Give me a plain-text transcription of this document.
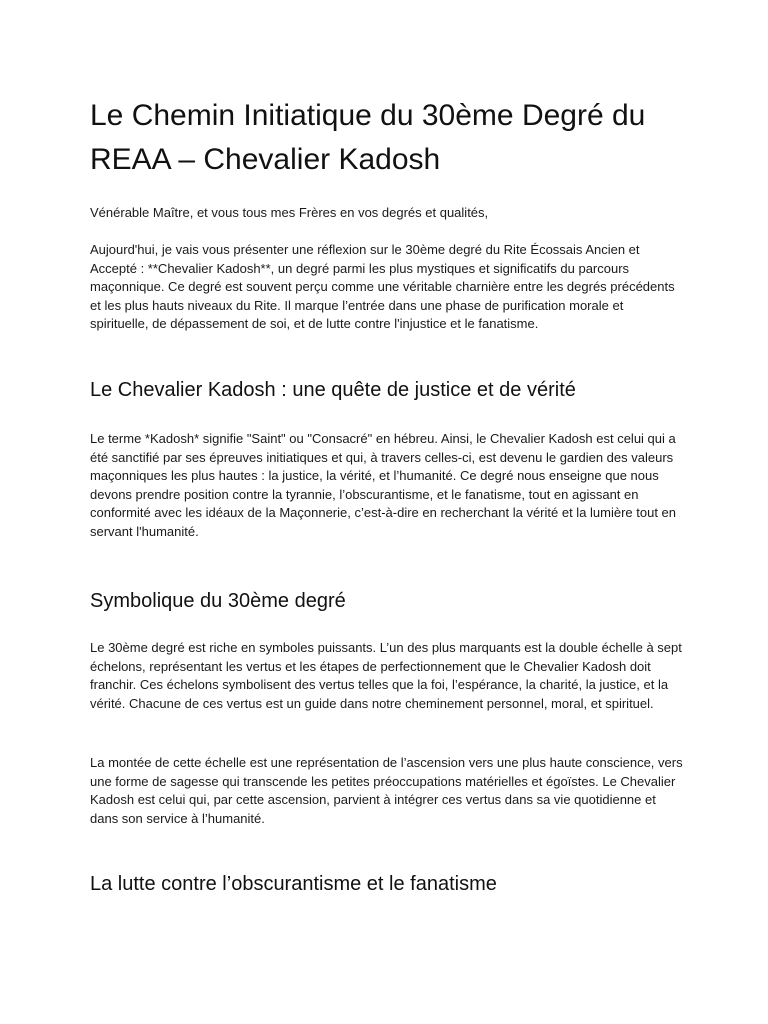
Le Chemin Initiatique du 30ème Degré du REAA – Chevalier Kadosh

Vénérable Maître, et vous tous mes Frères en vos degrés et qualités,

Aujourd'hui, je vais vous présenter une réflexion sur le 30ème degré du Rite Écossais Ancien et Accepté : **Chevalier Kadosh**, un degré parmi les plus mystiques et significatifs du parcours maçonnique. Ce degré est souvent perçu comme une véritable charnière entre les degrés précédents et les plus hauts niveaux du Rite. Il marque l’entrée dans une phase de purification morale et spirituelle, de dépassement de soi, et de lutte contre l'injustice et le fanatisme.

Le Chevalier Kadosh : une quête de justice et de vérité

Le terme *Kadosh* signifie "Saint" ou "Consacré" en hébreu. Ainsi, le Chevalier Kadosh est celui qui a été sanctifié par ses épreuves initiatiques et qui, à travers celles-ci, est devenu le gardien des valeurs maçonniques les plus hautes : la justice, la vérité, et l’humanité. Ce degré nous enseigne que nous devons prendre position contre la tyrannie, l’obscurantisme, et le fanatisme, tout en agissant en conformité avec les idéaux de la Maçonnerie, c’est-à-dire en recherchant la vérité et la lumière tout en servant l'humanité.

Symbolique du 30ème degré

Le 30ème degré est riche en symboles puissants. L’un des plus marquants est la double échelle à sept échelons, représentant les vertus et les étapes de perfectionnement que le Chevalier Kadosh doit franchir. Ces échelons symbolisent des vertus telles que la foi, l’espérance, la charité, la justice, et la vérité. Chacune de ces vertus est un guide dans notre cheminement personnel, moral, et spirituel.

La montée de cette échelle est une représentation de l’ascension vers une plus haute conscience, vers une forme de sagesse qui transcende les petites préoccupations matérielles et égoïstes. Le Chevalier Kadosh est celui qui, par cette ascension, parvient à intégrer ces vertus dans sa vie quotidienne et dans son service à l’humanité.

La lutte contre l’obscurantisme et le fanatisme
